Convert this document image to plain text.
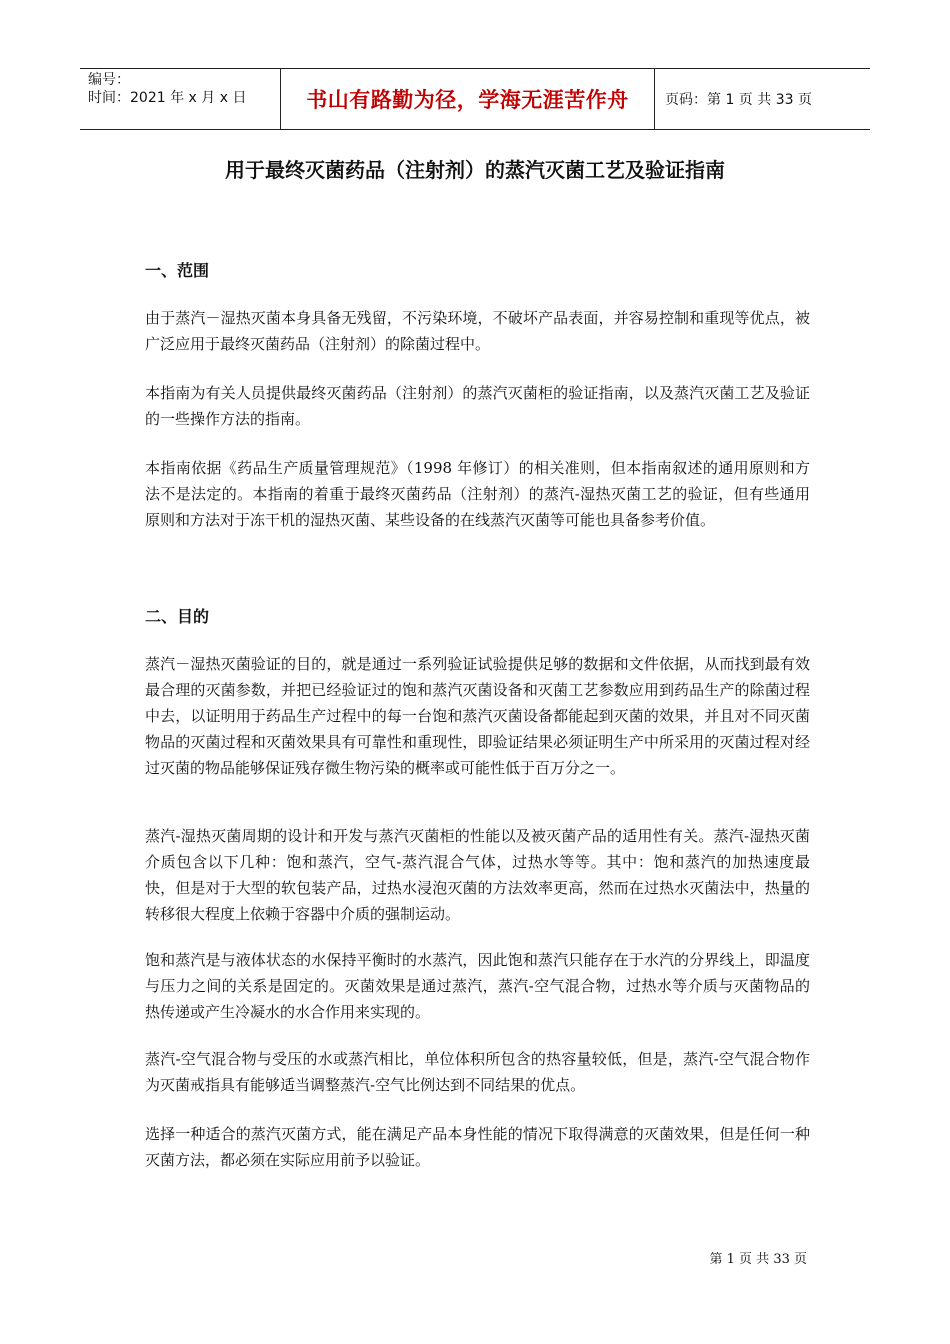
编号：
时间：2021 年 x 月 x 日	书山有路勤为径，学海无涯苦作舟	页码：第 1 页 共 33 页
用于最终灭菌药品（注射剂）的蒸汽灭菌工艺及验证指南
一、范围
由于蒸汽－湿热灭菌本身具备无残留，不污染环境，不破坏产品表面，并容易控制和重现等优点，被广泛应用于最终灭菌药品（注射剂）的除菌过程中。
本指南为有关人员提供最终灭菌药品（注射剂）的蒸汽灭菌柜的验证指南，以及蒸汽灭菌工艺及验证的一些操作方法的指南。
本指南依据《药品生产质量管理规范》（1998 年修订）的相关准则，但本指南叙述的通用原则和方法不是法定的。本指南的着重于最终灭菌药品（注射剂）的蒸汽-湿热灭菌工艺的验证，但有些通用原则和方法对于冻干机的湿热灭菌、某些设备的在线蒸汽灭菌等可能也具备参考价值。
二、目的
蒸汽－湿热灭菌验证的目的，就是通过一系列验证试验提供足够的数据和文件依据，从而找到最有效最合理的灭菌参数，并把已经验证过的饱和蒸汽灭菌设备和灭菌工艺参数应用到药品生产的除菌过程中去，以证明用于药品生产过程中的每一台饱和蒸汽灭菌设备都能起到灭菌的效果，并且对不同灭菌物品的灭菌过程和灭菌效果具有可靠性和重现性，即验证结果必须证明生产中所采用的灭菌过程对经过灭菌的物品能够保证残存微生物污染的概率或可能性低于百万分之一。
蒸汽-湿热灭菌周期的设计和开发与蒸汽灭菌柜的性能以及被灭菌产品的适用性有关。蒸汽-湿热灭菌介质包含以下几种：饱和蒸汽，空气-蒸汽混合气体，过热水等等。其中：饱和蒸汽的加热速度最快，但是对于大型的软包装产品，过热水浸泡灭菌的方法效率更高，然而在过热水灭菌法中，热量的转移很大程度上依赖于容器中介质的强制运动。
饱和蒸汽是与液体状态的水保持平衡时的水蒸汽，因此饱和蒸汽只能存在于水汽的分界线上，即温度与压力之间的关系是固定的。灭菌效果是通过蒸汽，蒸汽-空气混合物，过热水等介质与灭菌物品的热传递或产生冷凝水的水合作用来实现的。
蒸汽-空气混合物与受压的水或蒸汽相比，单位体积所包含的热容量较低，但是，蒸汽-空气混合物作为灭菌戒指具有能够适当调整蒸汽-空气比例达到不同结果的优点。
选择一种适合的蒸汽灭菌方式，能在满足产品本身性能的情况下取得满意的灭菌效果，但是任何一种灭菌方法，都必须在实际应用前予以验证。
第 1 页 共 33 页
